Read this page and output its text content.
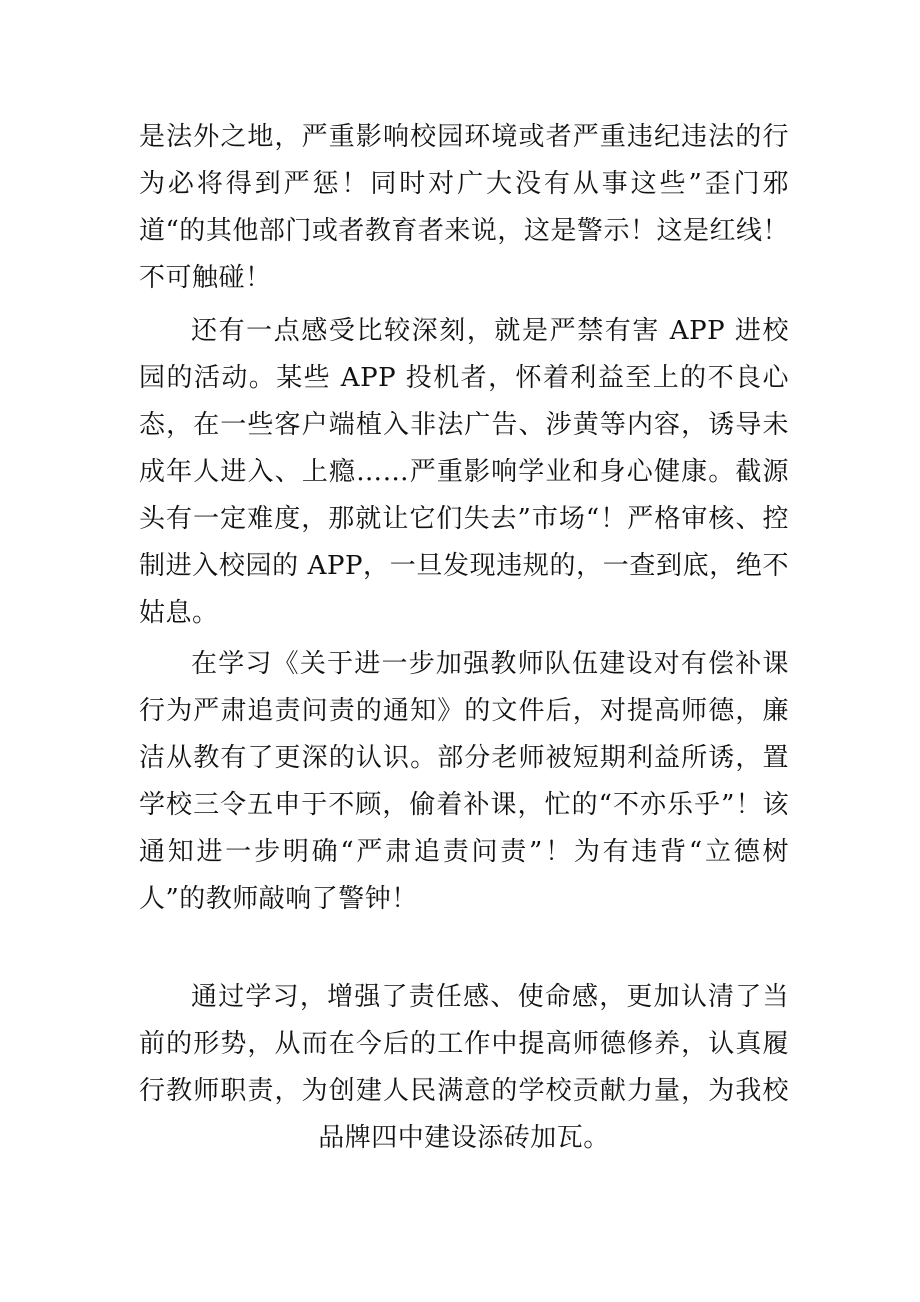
是法外之地，严重影响校园环境或者严重违纪违法的行为必将得到严惩！同时对广大没有从事这些”歪门邪道“的其他部门或者教育者来说，这是警示！这是红线！不可触碰！

还有一点感受比较深刻，就是严禁有害 APP 进校园的活动。某些 APP 投机者，怀着利益至上的不良心态，在一些客户端植入非法广告、涉黄等内容，诱导未成年人进入、上瘾……严重影响学业和身心健康。截源头有一定难度，那就让它们失去”市场“！严格审核、控制进入校园的 APP，一旦发现违规的，一查到底，绝不姑息。

在学习《关于进一步加强教师队伍建设对有偿补课行为严肃追责问责的通知》的文件后，对提高师德，廉洁从教有了更深的认识。部分老师被短期利益所诱，置学校三令五申于不顾，偷着补课，忙的“不亦乐乎”！该通知进一步明确“严肃追责问责”！为有违背“立德树人”的教师敲响了警钟！

通过学习，增强了责任感、使命感，更加认清了当前的形势，从而在今后的工作中提高师德修养，认真履行教师职责，为创建人民满意的学校贡献力量，为我校品牌四中建设添砖加瓦。
